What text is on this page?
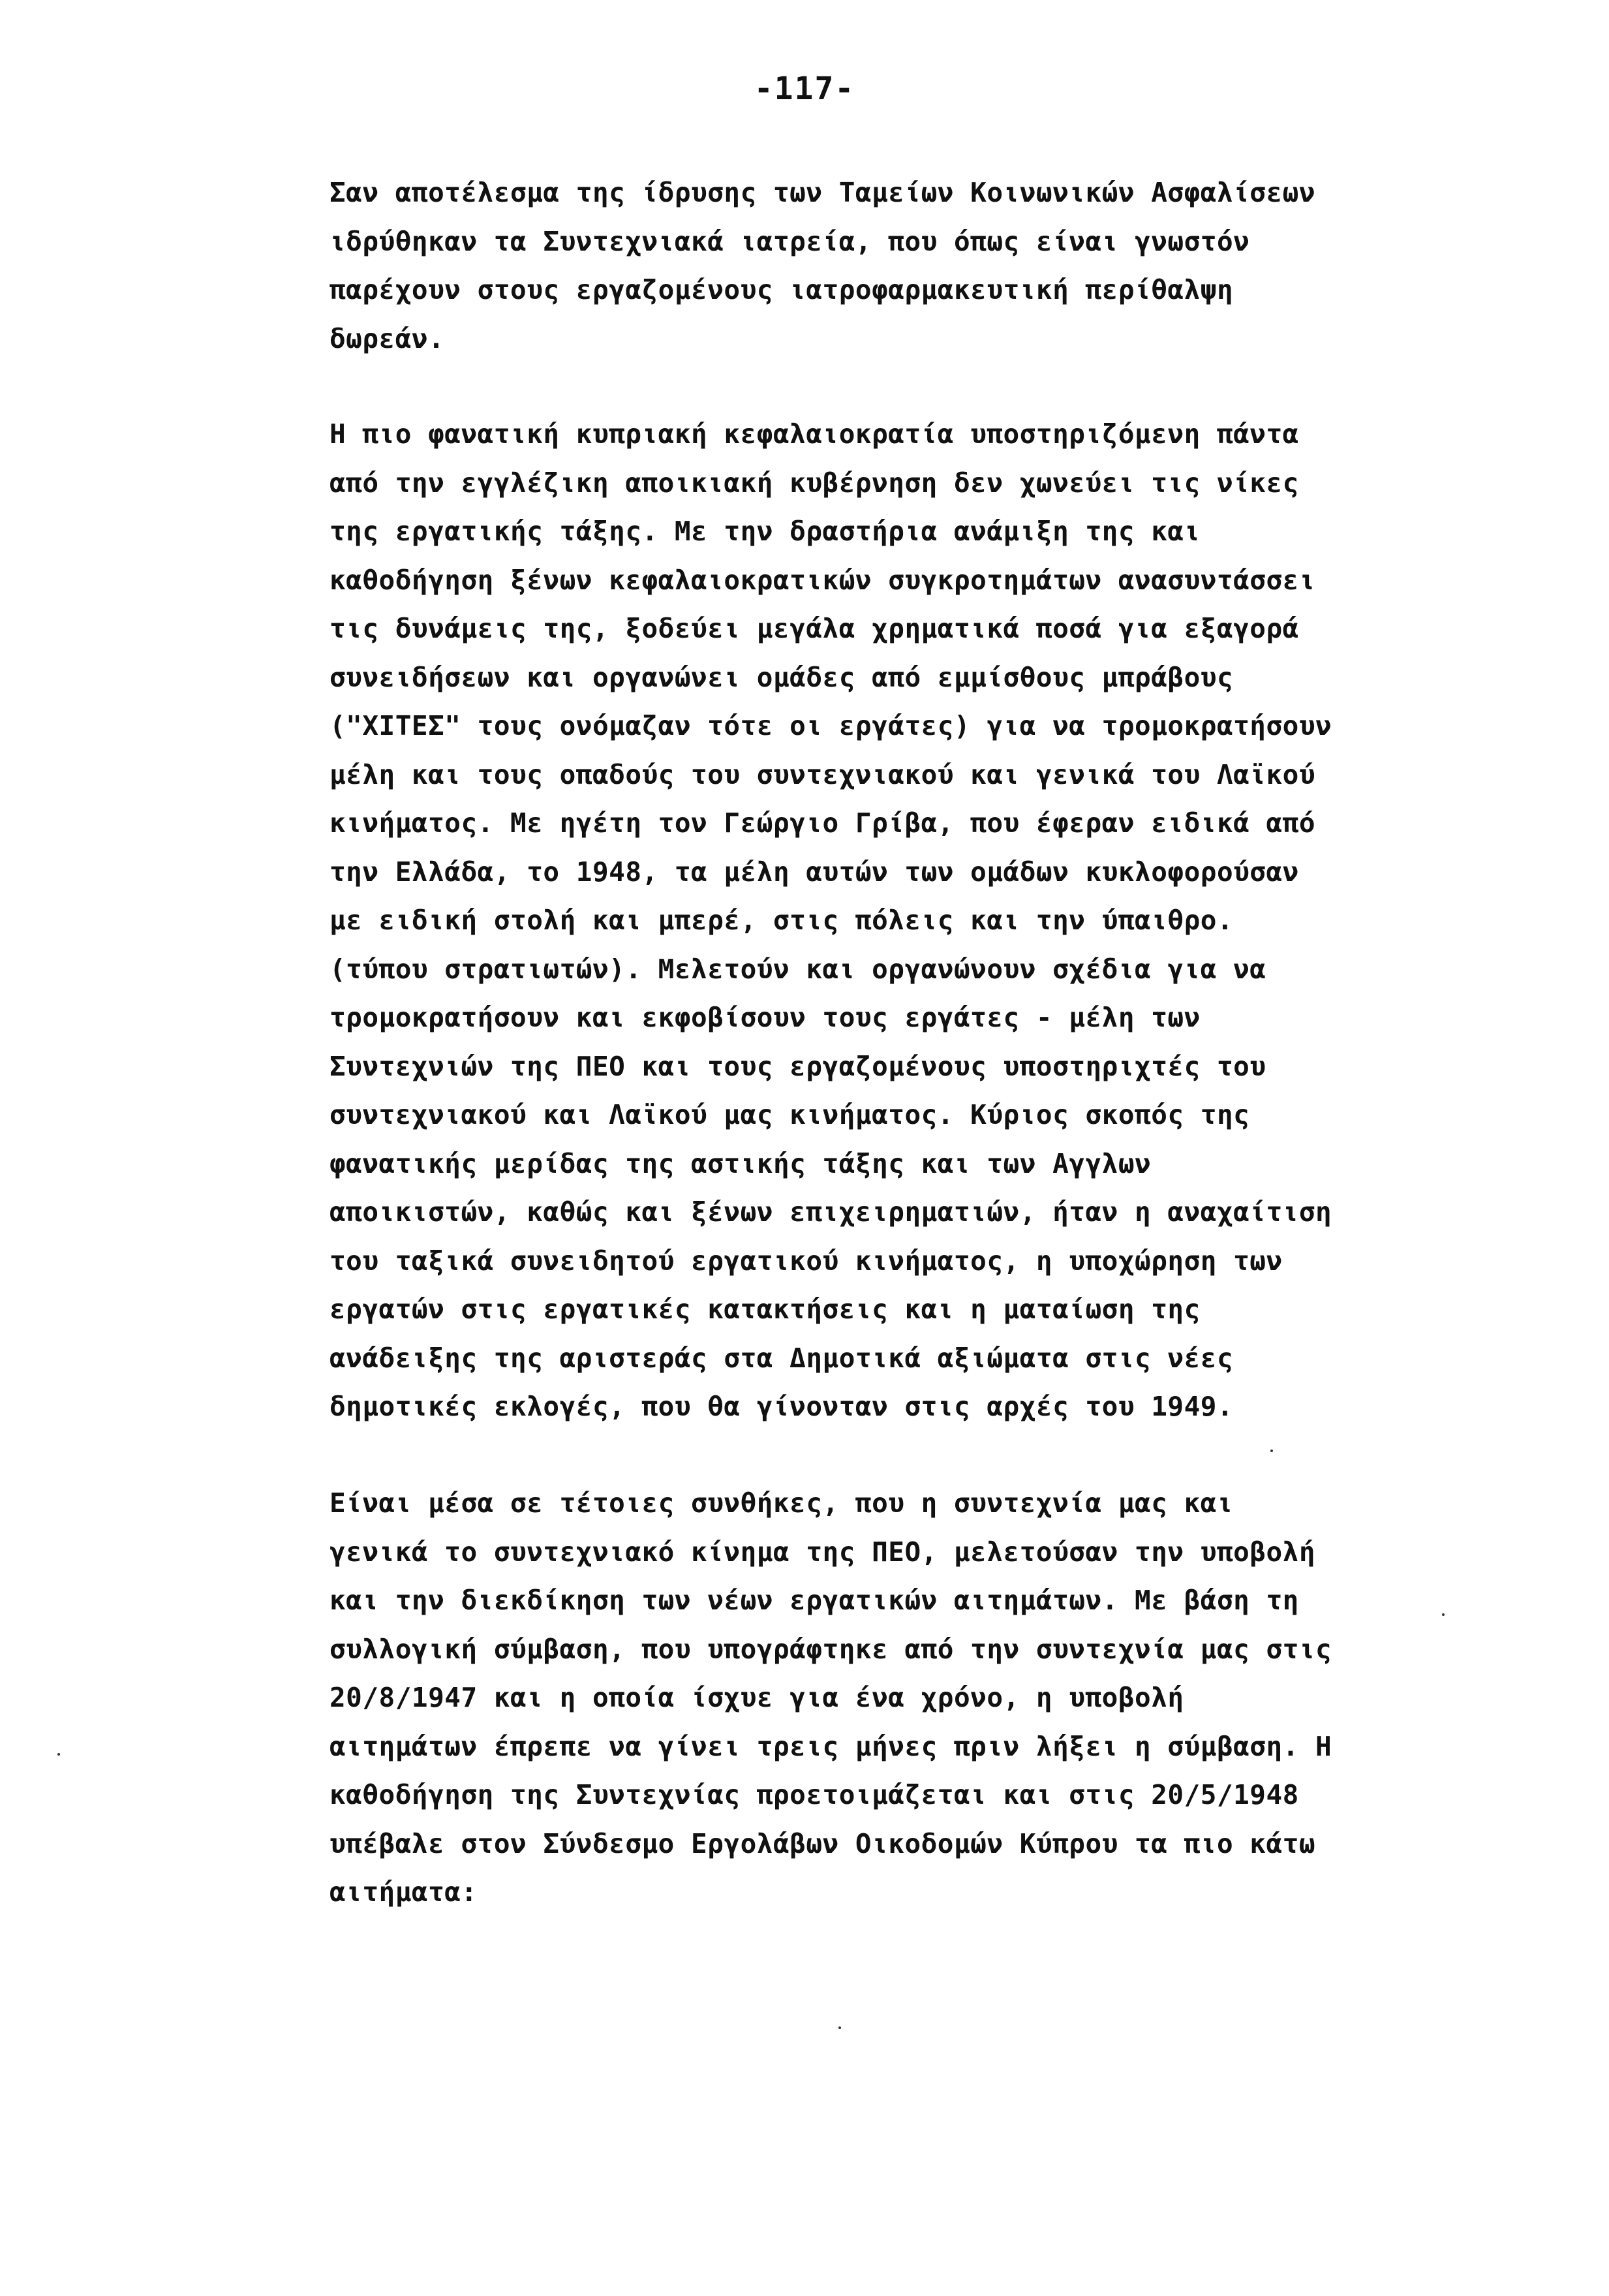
-117-
Σαν αποτέλεσμα της ίδρυσης των Ταμείων Κοινωνικών Ασφαλίσεων
ιδρύθηκαν τα Συντεχνιακά ιατρεία, που όπως είναι γνωστόν
παρέχουν στους εργαζομένους ιατροφαρμακευτική περίθαλψη
δωρεάν.
Η πιο φανατική κυπριακή κεφαλαιοκρατία υποστηριζόμενη πάντα
από την εγγλέζικη αποικιακή κυβέρνηση δεν χωνεύει τις νίκες
της εργατικής τάξης. Με την δραστήρια ανάμιξη της και
καθοδήγηση ξένων κεφαλαιοκρατικών συγκροτημάτων ανασυντάσσει
τις δυνάμεις της, ξοδεύει μεγάλα χρηματικά ποσά για εξαγορά
συνειδήσεων και οργανώνει ομάδες από εμμίσθους μπράβους
("ΧΙΤΕΣ" τους ονόμαζαν τότε οι εργάτες) για να τρομοκρατήσουν
μέλη και τους οπαδούς του συντεχνιακού και γενικά του Λαϊκού
κινήματος. Με ηγέτη τον Γεώργιο Γρίβα, που έφεραν ειδικά από
την Ελλάδα, το 1948, τα μέλη αυτών των ομάδων κυκλοφορούσαν
με ειδική στολή και μπερέ, στις πόλεις και την ύπαιθρο.
(τύπου στρατιωτών). Μελετούν και οργανώνουν σχέδια για να
τρομοκρατήσουν και εκφοβίσουν τους εργάτες - μέλη των
Συντεχνιών της ΠΕΟ και τους εργαζομένους υποστηριχτές του
συντεχνιακού και Λαϊκού μας κινήματος. Κύριος σκοπός της
φανατικής μερίδας της αστικής τάξης και των Αγγλων
αποικιστών, καθώς και ξένων επιχειρηματιών, ήταν η αναχαίτιση
του ταξικά συνειδητού εργατικού κινήματος, η υποχώρηση των
εργατών στις εργατικές κατακτήσεις και η ματαίωση της
ανάδειξης της αριστεράς στα Δημοτικά αξιώματα στις νέες
δημοτικές εκλογές, που θα γίνονταν στις αρχές του 1949.
Είναι μέσα σε τέτοιες συνθήκες, που η συντεχνία μας και
γενικά το συντεχνιακό κίνημα της ΠΕΟ, μελετούσαν την υποβολή
και την διεκδίκηση των νέων εργατικών αιτημάτων. Με βάση τη
συλλογική σύμβαση, που υπογράφτηκε από την συντεχνία μας στις
20/8/1947 και η οποία ίσχυε για ένα χρόνο, η υποβολή
αιτημάτων έπρεπε να γίνει τρεις μήνες πριν λήξει η σύμβαση. Η
καθοδήγηση της Συντεχνίας προετοιμάζεται και στις 20/5/1948
υπέβαλε στον Σύνδεσμο Εργολάβων Οικοδομών Κύπρου τα πιο κάτω
αιτήματα:
